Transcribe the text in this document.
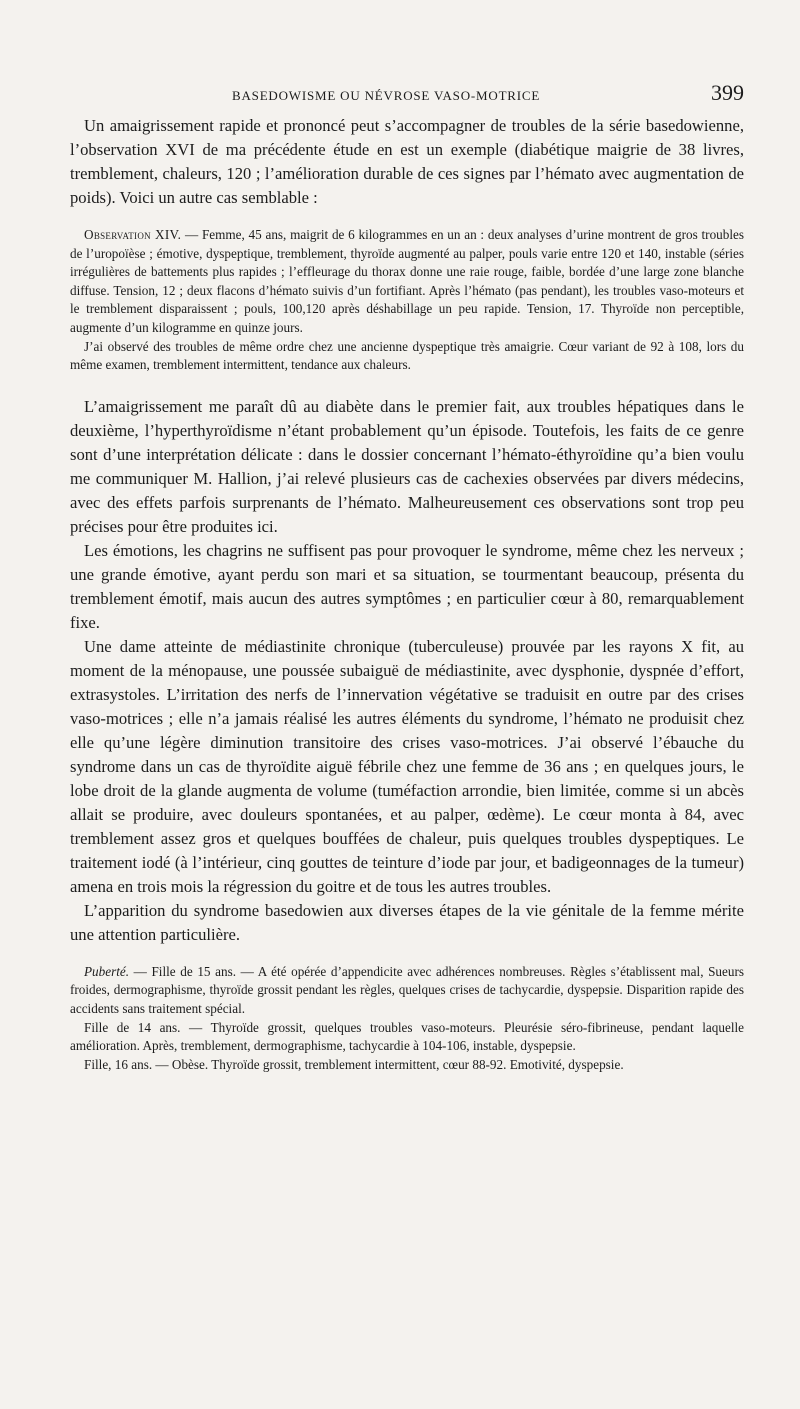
BASEDOWISME OU NÉVROSE VASO-MOTRICE	399

Un amaigrissement rapide et prononcé peut s’accompagner de troubles de la série basedowienne, l’observation XVI de ma précédente étude en est un exemple (diabétique maigrie de 38 livres, tremblement, chaleurs, 120 ; l’amélioration durable de ces signes par l’hémato avec augmentation de poids). Voici un autre cas semblable :

Observation XIV. — Femme, 45 ans, maigrit de 6 kilogrammes en un an : deux analyses d’urine montrent de gros troubles de l’uropoïèse ; émotive, dyspeptique, tremblement, thyroïde augmenté au palper, pouls varie entre 120 et 140, instable (séries irrégulières de battements plus rapides ; l’effleurage du thorax donne une raie rouge, faible, bordée d’une large zone blanche diffuse. Tension, 12 ; deux flacons d’hémato suivis d’un fortifiant. Après l’hémato (pas pendant), les troubles vaso-moteurs et le tremblement disparaissent ; pouls, 100,120 après déshabillage un peu rapide. Tension, 17. Thyroïde non perceptible, augmente d’un kilogramme en quinze jours.

J’ai observé des troubles de même ordre chez une ancienne dyspeptique très amaigrie. Cœur variant de 92 à 108, lors du même examen, tremblement intermittent, tendance aux chaleurs.

L’amaigrissement me paraît dû au diabète dans le premier fait, aux troubles hépatiques dans le deuxième, l’hyperthyroïdisme n’étant probablement qu’un épisode. Toutefois, les faits de ce genre sont d’une interprétation délicate : dans le dossier concernant l’hémato-éthyroïdine qu’a bien voulu me communiquer M. Hallion, j’ai relevé plusieurs cas de cachexies observées par divers médecins, avec des effets parfois surprenants de l’hémato. Malheureusement ces observations sont trop peu précises pour être produites ici.

Les émotions, les chagrins ne suffisent pas pour provoquer le syndrome, même chez les nerveux ; une grande émotive, ayant perdu son mari et sa situation, se tourmentant beaucoup, présenta du tremblement émotif, mais aucun des autres symptômes ; en particulier cœur à 80, remarquablement fixe.

Une dame atteinte de médiastinite chronique (tuberculeuse) prouvée par les rayons X fit, au moment de la ménopause, une poussée subaiguë de médiastinite, avec dysphonie, dyspnée d’effort, extrasystoles. L’irritation des nerfs de l’innervation végétative se traduisit en outre par des crises vaso-motrices ; elle n’a jamais réalisé les autres éléments du syndrome, l’hémato ne produisit chez elle qu’une légère diminution transitoire des crises vaso-motrices. J’ai observé l’ébauche du syndrome dans un cas de thyroïdite aiguë fébrile chez une femme de 36 ans ; en quelques jours, le lobe droit de la glande augmenta de volume (tuméfaction arrondie, bien limitée, comme si un abcès allait se produire, avec douleurs spontanées, et au palper, œdème). Le cœur monta à 84, avec tremblement assez gros et quelques bouffées de chaleur, puis quelques troubles dyspeptiques. Le traitement iodé (à l’intérieur, cinq gouttes de teinture d’iode par jour, et badigeonnages de la tumeur) amena en trois mois la régression du goitre et de tous les autres troubles.

L’apparition du syndrome basedowien aux diverses étapes de la vie génitale de la femme mérite une attention particulière.

Puberté. — Fille de 15 ans. — A été opérée d’appendicite avec adhérences nombreuses. Règles s’établissent mal, Sueurs froides, dermographisme, thyroïde grossit pendant les règles, quelques crises de tachycardie, dyspepsie. Disparition rapide des accidents sans traitement spécial.

Fille de 14 ans. — Thyroïde grossit, quelques troubles vaso-moteurs. Pleurésie séro-fibrineuse, pendant laquelle amélioration. Après, tremblement, dermographisme, tachycardie à 104-106, instable, dyspepsie.

Fille, 16 ans. — Obèse. Thyroïde grossit, tremblement intermittent, cœur 88-92. Emotivité, dyspepsie.
